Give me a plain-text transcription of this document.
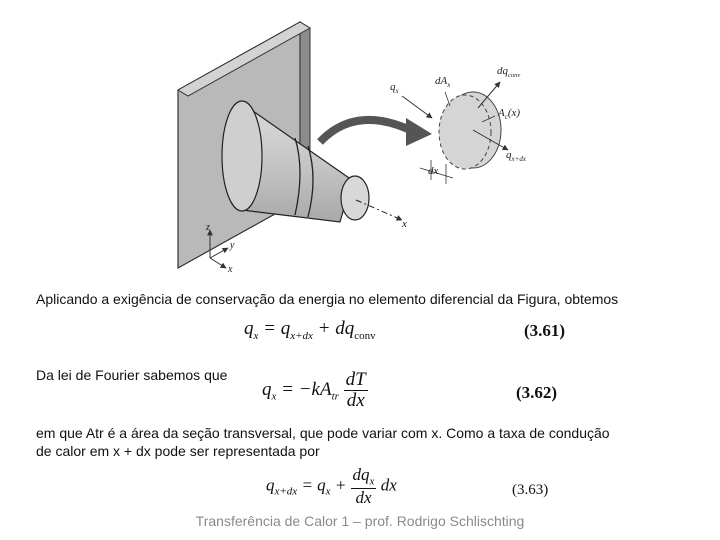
x
$q_x$
$dA_x$
$dq_{conv}$
$A_c(x)$
$q_{x+dx}$
dx
z
y
x
Aplicando a exigência de conservação da energia no elemento diferencial da Figura, obtemos
$q_x = q_{x+dx} + dq_{conv}$	(3.61)
Da lei de Fourier sabemos que
$q_x = -kA_{tr} \frac{dT}{dx}$	(3.62)
em que Atr é a área da seção transversal, que pode variar com x. Como a taxa de condução
de calor em x + dx pode ser representada por
$q_{x+dx} = q_x + \frac{dq_x}{dx}$ dx	(3.63)
Transferência de Calor 1 – prof. Rodrigo Schlischting
